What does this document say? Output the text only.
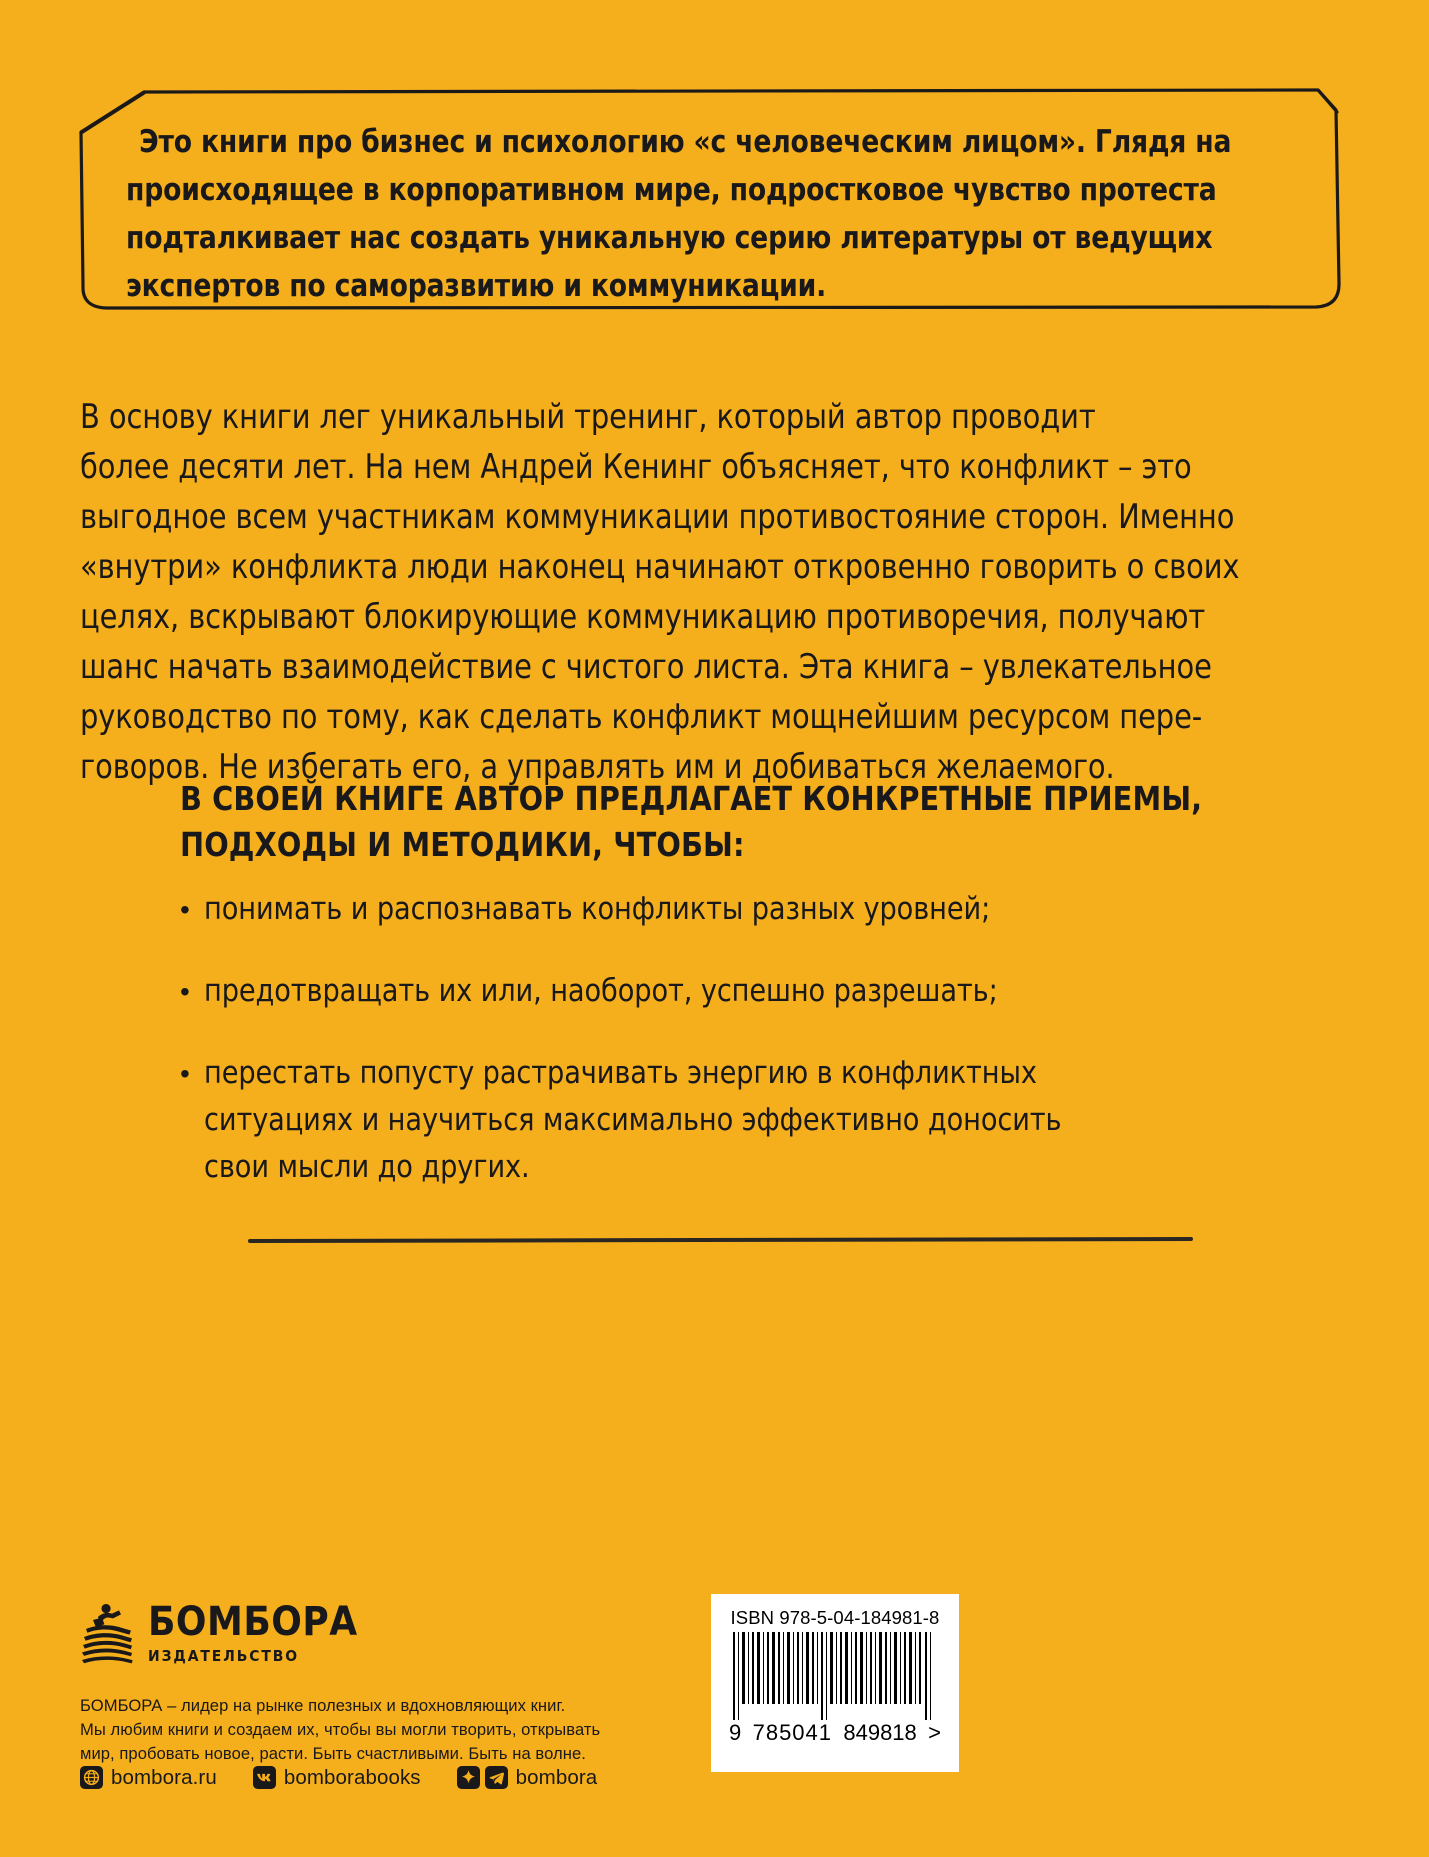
Это книги про бизнес и психологию «с человеческим лицом». Глядя на происходящее в корпоративном мире, подростковое чувство протеста подталкивает нас создать уникальную серию литературы от ведущих экспертов по саморазвитию и коммуникации.
В основу книги лег уникальный тренинг, который автор проводит
более десяти лет. На нем Андрей Кенинг объясняет, что конфликт – это
выгодное всем участникам коммуникации противостояние сторон. Именно
«внутри» конфликта люди наконец начинают откровенно говорить о своих
целях, вскрывают блокирующие коммуникацию противоречия, получают
шанс начать взаимодействие с чистого листа. Эта книга – увлекательное
руководство по тому, как сделать конфликт мощнейшим ресурсом пере-
говоров. Не избегать его, а управлять им и добиваться желаемого.
В СВОЕЙ КНИГЕ АВТОР ПРЕДЛАГАЕТ КОНКРЕТНЫЕ ПРИЕМЫ,
ПОДХОДЫ И МЕТОДИКИ, ЧТОБЫ:
• понимать и распознавать конфликты разных уровней;
• предотвращать их или, наоборот, успешно разрешать;
• перестать попусту растрачивать энергию в конфликтных
ситуациях и научиться максимально эффективно доносить
свои мысли до других.
БОМБОРА
ИЗДАТЕЛЬСТВО
БОМБОРА – лидер на рынке полезных и вдохновляющих книг.
Мы любим книги и создаем их, чтобы вы могли творить, открывать
мир, пробовать новое, расти. Быть счастливыми. Быть на волне.
bombora.ru	bomborabooks	bombora
ISBN 978-5-04-184981-8
9 785041 849818 >
